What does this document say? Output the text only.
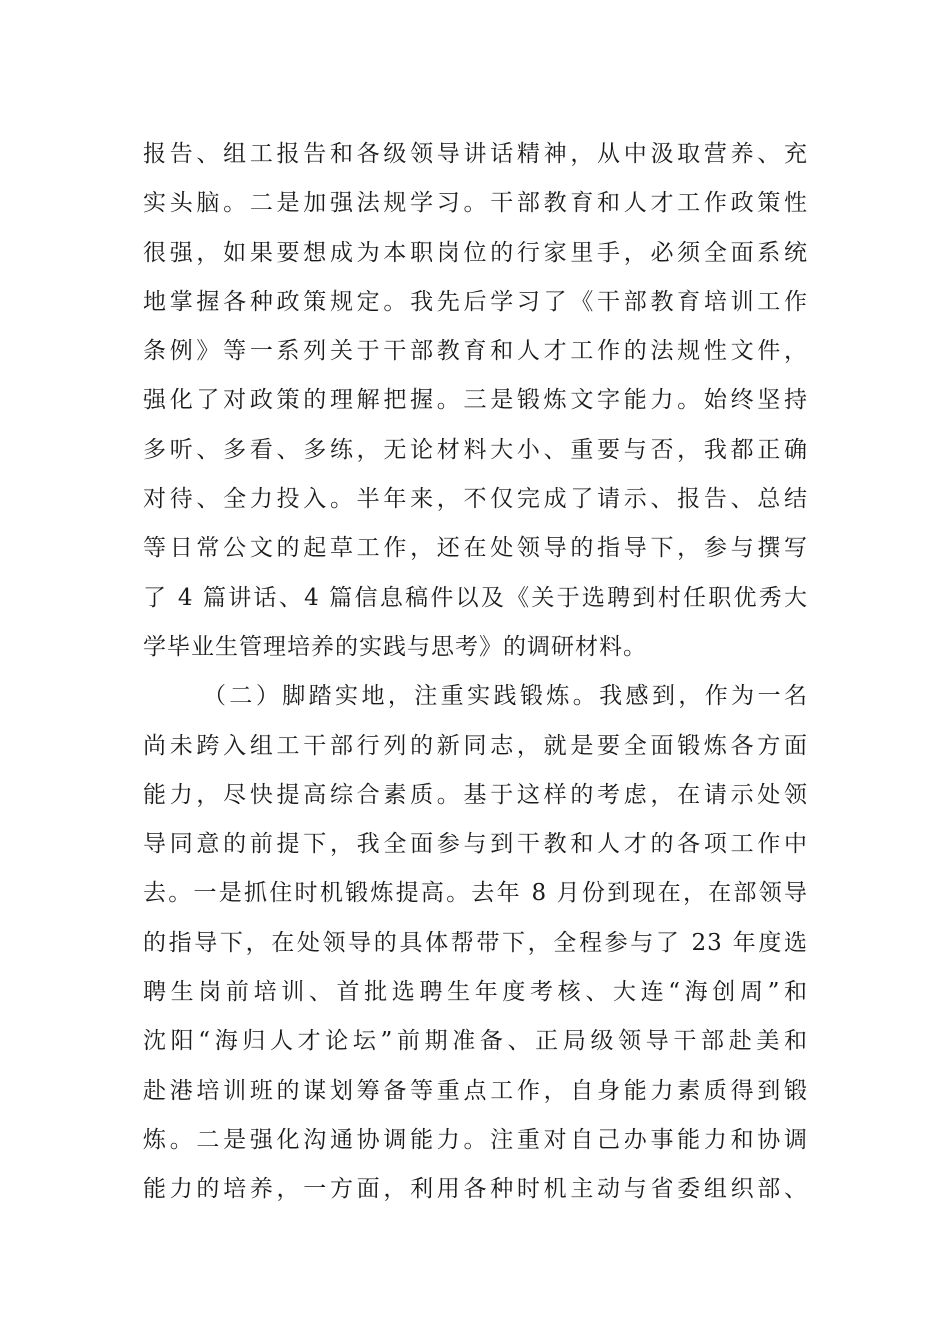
报告、组工报告和各级领导讲话精神，从中汲取营养、充
实头脑。二是加强法规学习。干部教育和人才工作政策性
很强，如果要想成为本职岗位的行家里手，必须全面系统
地掌握各种政策规定。我先后学习了《干部教育培训工作
条例》等一系列关于干部教育和人才工作的法规性文件，
强化了对政策的理解把握。三是锻炼文字能力。始终坚持
多听、多看、多练，无论材料大小、重要与否，我都正确
对待、全力投入。半年来，不仅完成了请示、报告、总结
等日常公文的起草工作，还在处领导的指导下，参与撰写
了 4 篇讲话、4 篇信息稿件以及《关于选聘到村任职优秀大
学毕业生管理培养的实践与思考》的调研材料。
（二）脚踏实地，注重实践锻炼。我感到，作为一名
尚未跨入组工干部行列的新同志，就是要全面锻炼各方面
能力，尽快提高综合素质。基于这样的考虑，在请示处领
导同意的前提下，我全面参与到干教和人才的各项工作中
去。一是抓住时机锻炼提高。去年 8 月份到现在，在部领导
的指导下，在处领导的具体帮带下，全程参与了 23 年度选
聘生岗前培训、首批选聘生年度考核、大连“海创周”和
沈阳“海归人才论坛”前期准备、正局级领导干部赴美和
赴港培训班的谋划筹备等重点工作，自身能力素质得到锻
炼。二是强化沟通协调能力。注重对自己办事能力和协调
能力的培养，一方面，利用各种时机主动与省委组织部、
